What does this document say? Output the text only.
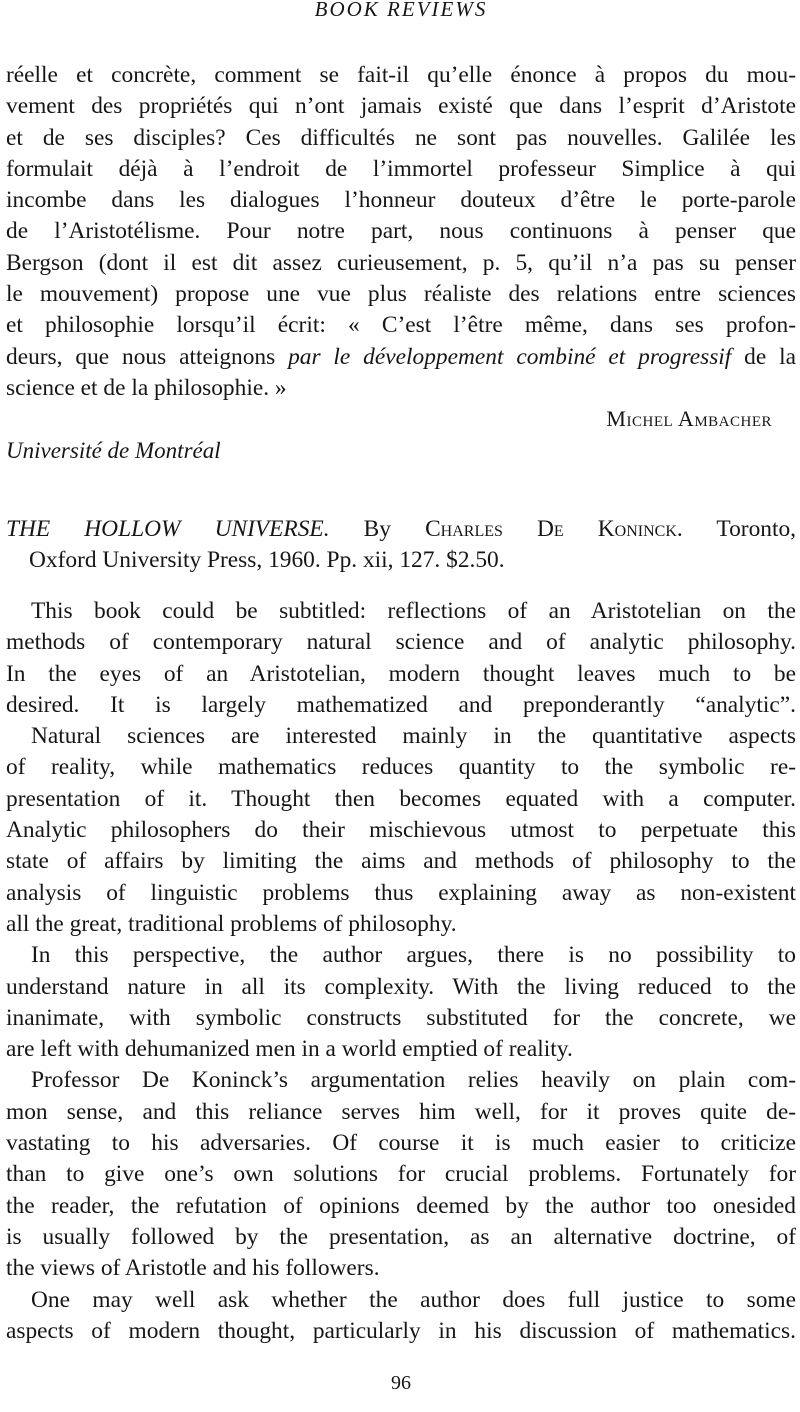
BOOK REVIEWS
réelle et concrète, comment se fait-il qu’elle énonce à propos du mou-
vement des propriétés qui n’ont jamais existé que dans l’esprit d’Aristote
et de ses disciples? Ces difficultés ne sont pas nouvelles. Galilée les
formulait déjà à l’endroit de l’immortel professeur Simplice à qui
incombe dans les dialogues l’honneur douteux d’être le porte-parole
de l’Aristotélisme. Pour notre part, nous continuons à penser que
Bergson (dont il est dit assez curieusement, p. 5, qu’il n’a pas su penser
le mouvement) propose une vue plus réaliste des relations entre sciences
et philosophie lorsqu’il écrit: « C’est l’être même, dans ses profon-
deurs, que nous atteignons par le développement combiné et progressif de la
science et de la philosophie. »
Michel Ambacher
Université de Montréal
THE HOLLOW UNIVERSE. By Charles De Koninck. Toronto,
Oxford University Press, 1960. Pp. xii, 127. $2.50.
This book could be subtitled: reflections of an Aristotelian on the
methods of contemporary natural science and of analytic philosophy.
In the eyes of an Aristotelian, modern thought leaves much to be
desired. It is largely mathematized and preponderantly “analytic”.
Natural sciences are interested mainly in the quantitative aspects
of reality, while mathematics reduces quantity to the symbolic re-
presentation of it. Thought then becomes equated with a computer.
Analytic philosophers do their mischievous utmost to perpetuate this
state of affairs by limiting the aims and methods of philosophy to the
analysis of linguistic problems thus explaining away as non-existent
all the great, traditional problems of philosophy.
In this perspective, the author argues, there is no possibility to
understand nature in all its complexity. With the living reduced to the
inanimate, with symbolic constructs substituted for the concrete, we
are left with dehumanized men in a world emptied of reality.
Professor De Koninck’s argumentation relies heavily on plain com-
mon sense, and this reliance serves him well, for it proves quite de-
vastating to his adversaries. Of course it is much easier to criticize
than to give one’s own solutions for crucial problems. Fortunately for
the reader, the refutation of opinions deemed by the author too onesided
is usually followed by the presentation, as an alternative doctrine, of
the views of Aristotle and his followers.
One may well ask whether the author does full justice to some
aspects of modern thought, particularly in his discussion of mathematics.
96
